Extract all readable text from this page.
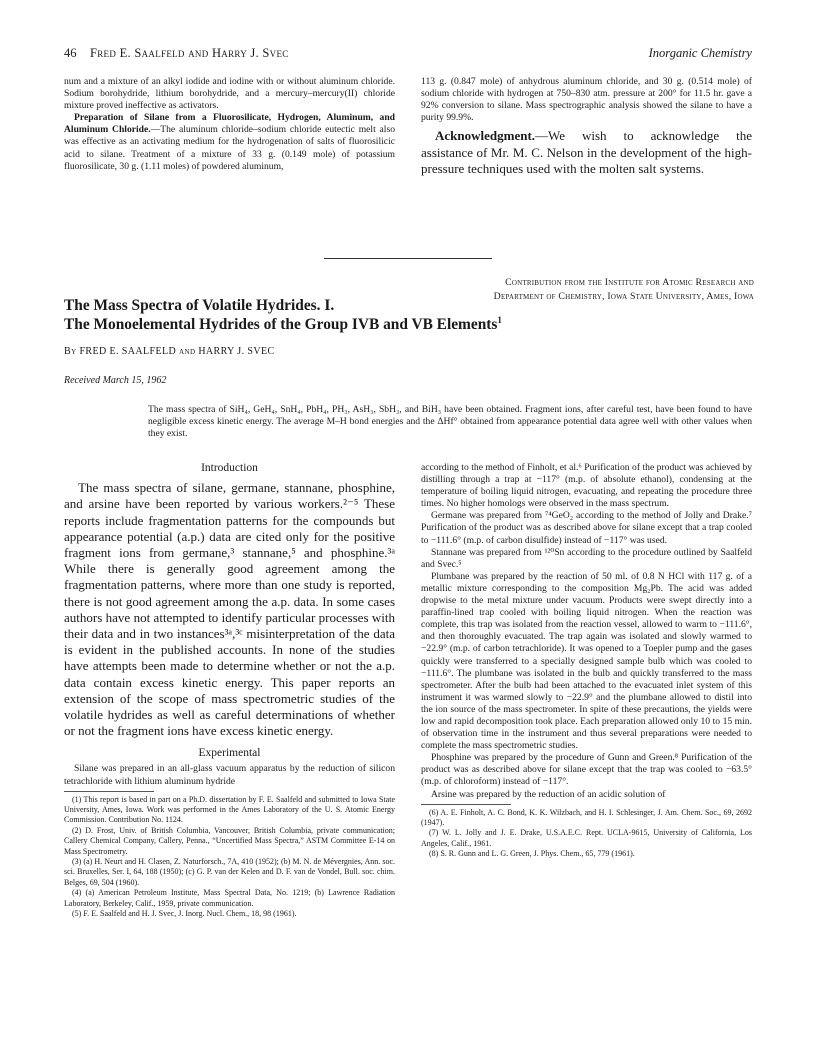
46 Fred E. Saalfeld and Harry J. Svec	Inorganic Chemistry

num and a mixture of an alkyl iodide and iodine with or without aluminum chloride. Sodium borohydride, lithium borohydride, and a mercury–mercury(II) chloride mixture proved ineffective as activators.

Preparation of Silane from a Fluorosilicate, Hydrogen, Aluminum, and Aluminum Chloride.—The aluminum chloride–sodium chloride eutectic melt also was effective as an activating medium for the hydrogenation of salts of fluorosilicic acid to silane. Treatment of a mixture of 33 g. (0.149 mole) of potassium fluorosilicate, 30 g. (1.11 moles) of powdered aluminum,

113 g. (0.847 mole) of anhydrous aluminum chloride, and 30 g. (0.514 mole) of sodium chloride with hydrogen at 750–830 atm. pressure at 200° for 11.5 hr. gave a 92% conversion to silane. Mass spectrographic analysis showed the silane to have a purity 99.9%.

Acknowledgment.—We wish to acknowledge the assistance of Mr. M. C. Nelson in the development of the high-pressure techniques used with the molten salt systems.

Contribution from the Institute for Atomic Research and
Department of Chemistry, Iowa State University, Ames, Iowa
The Mass Spectra of Volatile Hydrides. I.
The Monoelemental Hydrides of the Group IVB and VB Elements$^1$
By FRED E. SAALFELD and HARRY J. SVEC
Received March 15, 1962
The mass spectra of SiH₄, GeH₄, SnH₄, PbH₄, PH₃, AsH₃, SbH₃, and BiH₃ have been obtained. Fragment ions, after careful test, have been found to have negligible excess kinetic energy. The average M–H bond energies and the ΔHf° obtained from appearance potential data agree well with other values when they exist.
Introduction

The mass spectra of silane, germane, stannane, phosphine, and arsine have been reported by various workers.²⁻⁵ These reports include fragmentation patterns for the compounds but appearance potential (a.p.) data are cited only for the positive fragment ions from germane,³ stannane,⁵ and phosphine.³ᵃ While there is generally good agreement among the fragmentation patterns, where more than one study is reported, there is not good agreement among the a.p. data. In some cases authors have not attempted to identify particular processes with their data and in two instances³ᵃ,³ᶜ misinterpretation of the data is evident in the published accounts. In none of the studies have attempts been made to determine whether or not the a.p. data contain excess kinetic energy. This paper reports an extension of the scope of mass spectrometric studies of the volatile hydrides as well as careful determinations of whether or not the fragment ions have excess kinetic energy.

Experimental

Silane was prepared in an all-glass vacuum apparatus by the reduction of silicon tetrachloride with lithium aluminum hydride

(1) This report is based in part on a Ph.D. dissertation by F. E. Saalfeld and submitted to Iowa State University, Ames, Iowa. Work was performed in the Ames Laboratory of the U. S. Atomic Energy Commission. Contribution No. 1124.

(2) D. Frost, Univ. of British Columbia, Vancouver, British Columbia, private communication; Callery Chemical Company, Callery, Penna., “Uncertified Mass Spectra,” ASTM Committee E-14 on Mass Spectrometry.

(3) (a) H. Neurt and H. Clasen, Z. Naturforsch., 7A, 410 (1952); (b) M. N. de Mévergnies, Ann. soc. sci. Bruxelles, Ser. I, 64, 188 (1950); (c) G. P. van der Kelen and D. F. van de Vondel, Bull. soc. chim. Belges, 69, 504 (1960).

(4) (a) American Petroleum Institute, Mass Spectral Data, No. 1219; (b) Lawrence Radiation Laboratory, Berkeley, Calif., 1959, private communication.

(5) F. E. Saalfeld and H. J. Svec, J. Inorg. Nucl. Chem., 18, 98 (1961).

according to the method of Finholt, et al.⁶ Purification of the product was achieved by distilling through a trap at −117° (m.p. of absolute ethanol), condensing at the temperature of boiling liquid nitrogen, evacuating, and repeating the procedure three times. No higher homologs were observed in the mass spectrum.

Germane was prepared from ⁷⁴GeO₂ according to the method of Jolly and Drake.⁷ Purification of the product was as described above for silane except that a trap cooled to −111.6° (m.p. of carbon disulfide) instead of −117° was used.

Stannane was prepared from ¹²⁰Sn according to the procedure outlined by Saalfeld and Svec.⁵

Plumbane was prepared by the reaction of 50 ml. of 0.8 N HCl with 117 g. of a metallic mixture corresponding to the composition Mg₂Pb. The acid was added dropwise to the metal mixture under vacuum. Products were swept directly into a paraffin-lined trap cooled with boiling liquid nitrogen. When the reaction was complete, this trap was isolated from the reaction vessel, allowed to warm to −111.6°, and then thoroughly evacuated. The trap again was isolated and slowly warmed to −22.9° (m.p. of carbon tetrachloride). It was opened to a Toepler pump and the gases quickly were transferred to a specially designed sample bulb which was cooled to −111.6°. The plumbane was isolated in the bulb and quickly transferred to the mass spectrometer. After the bulb had been attached to the evacuated inlet system of this instrument it was warmed slowly to −22.9° and the plumbane allowed to distil into the ion source of the mass spectrometer. In spite of these precautions, the yields were low and rapid decomposition took place. Each preparation allowed only 10 to 15 min. of observation time in the instrument and thus several preparations were needed to complete the mass spectrometric studies.

Phosphine was prepared by the procedure of Gunn and Green.⁸ Purification of the product was as described above for silane except that the trap was cooled to −63.5° (m.p. of chloroform) instead of −117°.

Arsine was prepared by the reduction of an acidic solution of

(6) A. E. Finholt, A. C. Bond, K. K. Wilzbach, and H. I. Schlesinger, J. Am. Chem. Soc., 69, 2692 (1947).

(7) W. L. Jolly and J. E. Drake, U.S.A.E.C. Rept. UCLA-9615, University of California, Los Angeles, Calif., 1961.

(8) S. R. Gunn and L. G. Green, J. Phys. Chem., 65, 779 (1961).
